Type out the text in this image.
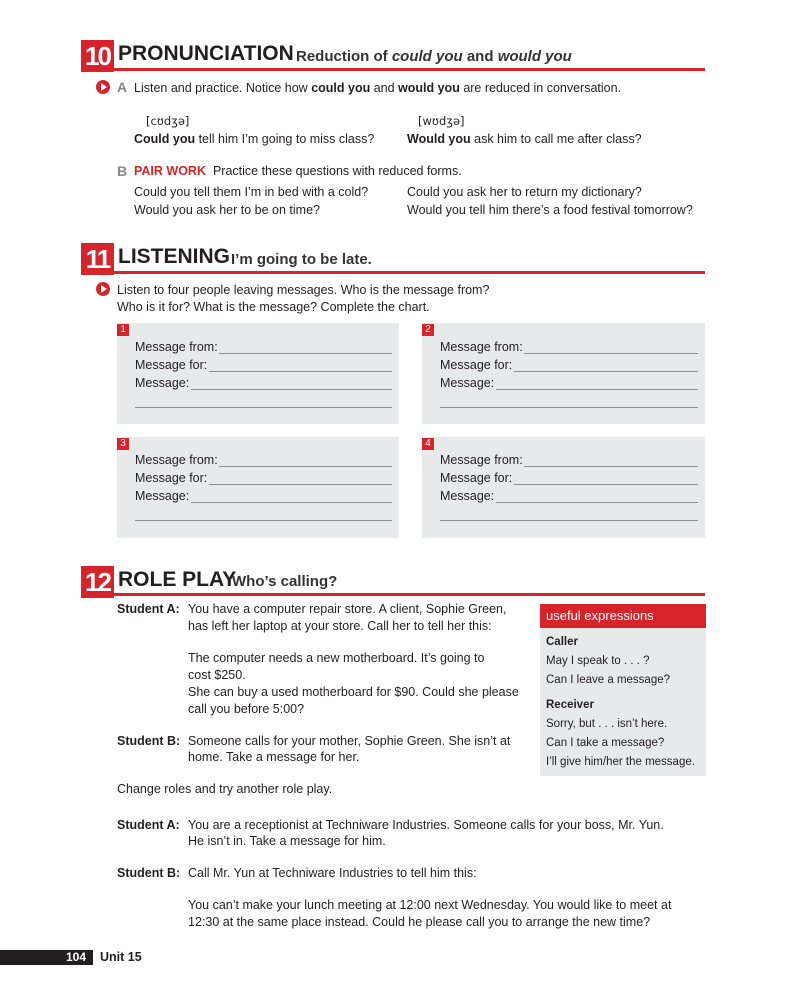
10 PRONUNCIATION Reduction of could you and would you
A Listen and practice. Notice how could you and would you are reduced in conversation.
[cʊdʒə]	[wʊdʒə]
Could you tell him I’m going to miss class?	Would you ask him to call me after class?
B PAIR WORK Practice these questions with reduced forms.
Could you tell them I’m in bed with a cold?
Would you ask her to be on time?
Could you ask her to return my dictionary?
Would you tell him there’s a food festival tomorrow?
11 LISTENING I’m going to be late.
Listen to four people leaving messages. Who is the message from?
Who is it for? What is the message? Complete the chart.
1
Message from:
Message for:
Message:
2
Message from:
Message for:
Message:
3
Message from:
Message for:
Message:
4
Message from:
Message for:
Message:
12 ROLE PLAY
Who’s calling?
Student A: You have a computer repair store. A client, Sophie Green,
has left her laptop at your store. Call her to tell her this:
The computer needs a new motherboard. It’s going to
cost $250.
She can buy a used motherboard for $90. Could she please
call you before 5:00?
Student B: Someone calls for your mother, Sophie Green. She isn’t at
home. Take a message for her.
Change roles and try another role play.
Student A: You are a receptionist at Techniware Industries. Someone calls for your boss, Mr. Yun.
He isn’t in. Take a message for him.
Student B: Call Mr. Yun at Techniware Industries to tell him this:
You can’t make your lunch meeting at 12:00 next Wednesday. You would like to meet at
12:30 at the same place instead. Could he please call you to arrange the new time?
useful expressions
Caller
May I speak to . . . ?
Can I leave a message?
Receiver
Sorry, but . . . isn’t here.
Can I take a message?
I’ll give him/her the message.
104 Unit 15
